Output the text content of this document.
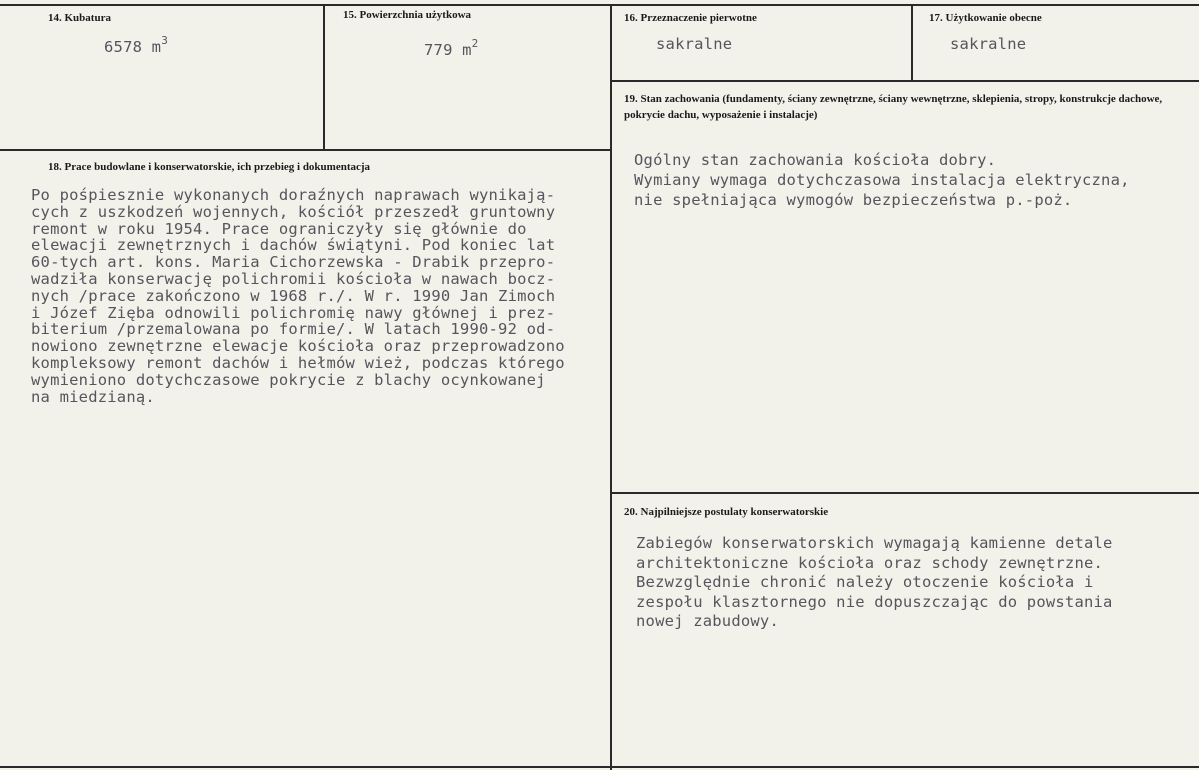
14. Kubatura
6578 $m^3$
15. Powierzchnia użytkowa
779 $m^2$
16. Przeznaczenie pierwotne
sakralne
17. Użytkowanie obecne
sakralne
19. Stan zachowania (fundamenty, ściany zewnętrzne, ściany wewnętrzne, sklepienia, stropy, konstrukcje dachowe, pokrycie dachu, wyposażenie i instalacje)
Ogólny stan zachowania kościoła dobry.
Wymiany wymaga dotychczasowa instalacja elektryczna,
nie spełniająca wymogów bezpieczeństwa p.-poż.
18. Prace budowlane i konserwatorskie, ich przebieg i dokumentacja
Po pośpiesznie wykonanych doraźnych naprawach wynikają-
cych z uszkodzeń wojennych, kościół przeszedł gruntowny
remont w roku 1954. Prace ograniczyły się głównie do
elewacji zewnętrznych i dachów świątyni. Pod koniec lat
60-tych art. kons. Maria Cichorzewska - Drabik przepro-
wadziła konserwację polichromii kościoła w nawach bocz-
nych /prace zakończono w 1968 r./. W r. 1990 Jan Zimoch
i Józef Zięba odnowili polichromię nawy głównej i prez-
biterium /przemalowana po formie/. W latach 1990-92 od-
nowiono zewnętrzne elewacje kościoła oraz przeprowadzono
kompleksowy remont dachów i hełmów wież, podczas którego
wymieniono dotychczasowe pokrycie z blachy ocynkowanej
na miedzianą.
20. Najpilniejsze postulaty konserwatorskie
Zabiegów konserwatorskich wymagają kamienne detale
architektoniczne kościoła oraz schody zewnętrzne.
Bezwzględnie chronić należy otoczenie kościoła i
zespołu klasztornego nie dopuszczając do powstania
nowej zabudowy.
